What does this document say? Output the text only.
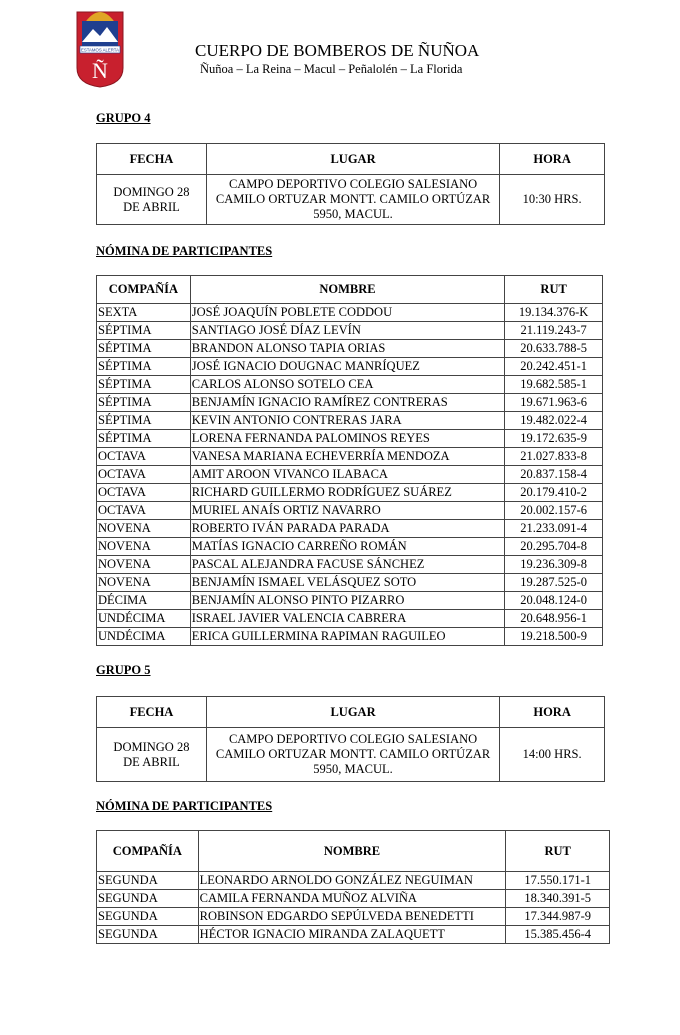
ESTAMOS ALERTA
Ñ
CUERPO DE BOMBEROS DE ÑUÑOA
Ñuñoa – La Reina – Macul – Peñalolén – La Florida
GRUPO 4
FECHA	LUGAR	HORA
DOMINGO 28 DE ABRIL	CAMPO DEPORTIVO COLEGIO SALESIANO CAMILO ORTUZAR MONTT. CAMILO ORTÚZAR 5950, MACUL.	10:30 HRS.
NÓMINA DE PARTICIPANTES
COMPAÑÍA	NOMBRE	RUT
SEXTA	JOSÉ JOAQUÍN POBLETE CODDOU	19.134.376-K
SÉPTIMA	SANTIAGO JOSÉ DÍAZ LEVÍN	21.119.243-7
SÉPTIMA	BRANDON ALONSO TAPIA ORIAS	20.633.788-5
SÉPTIMA	JOSÉ IGNACIO DOUGNAC MANRÍQUEZ	20.242.451-1
SÉPTIMA	CARLOS ALONSO SOTELO CEA	19.682.585-1
SÉPTIMA	BENJAMÍN IGNACIO RAMÍREZ CONTRERAS	19.671.963-6
SÉPTIMA	KEVIN ANTONIO CONTRERAS JARA	19.482.022-4
SÉPTIMA	LORENA FERNANDA PALOMINOS REYES	19.172.635-9
OCTAVA	VANESA MARIANA ECHEVERRÍA MENDOZA	21.027.833-8
OCTAVA	AMIT AROON VIVANCO ILABACA	20.837.158-4
OCTAVA	RICHARD GUILLERMO RODRÍGUEZ SUÁREZ	20.179.410-2
OCTAVA	MURIEL ANAÍS ORTIZ NAVARRO	20.002.157-6
NOVENA	ROBERTO IVÁN PARADA PARADA	21.233.091-4
NOVENA	MATÍAS IGNACIO CARREÑO ROMÁN	20.295.704-8
NOVENA	PASCAL ALEJANDRA FACUSE SÁNCHEZ	19.236.309-8
NOVENA	BENJAMÍN ISMAEL VELÁSQUEZ SOTO	19.287.525-0
DÉCIMA	BENJAMÍN ALONSO PINTO PIZARRO	20.048.124-0
UNDÉCIMA	ISRAEL JAVIER VALENCIA CABRERA	20.648.956-1
UNDÉCIMA	ERICA GUILLERMINA RAPIMAN RAGUILEO	19.218.500-9
GRUPO 5
FECHA	LUGAR	HORA
DOMINGO 28 DE ABRIL	CAMPO DEPORTIVO COLEGIO SALESIANO CAMILO ORTUZAR MONTT. CAMILO ORTÚZAR 5950, MACUL.	14:00 HRS.
NÓMINA DE PARTICIPANTES
COMPAÑÍA	NOMBRE	RUT
SEGUNDA	LEONARDO ARNOLDO GONZÁLEZ NEGUIMAN	17.550.171-1
SEGUNDA	CAMILA FERNANDA MUÑOZ ALVIÑA	18.340.391-5
SEGUNDA	ROBINSON EDGARDO SEPÚLVEDA BENEDETTI	17.344.987-9
SEGUNDA	HÉCTOR IGNACIO MIRANDA ZALAQUETT	15.385.456-4
